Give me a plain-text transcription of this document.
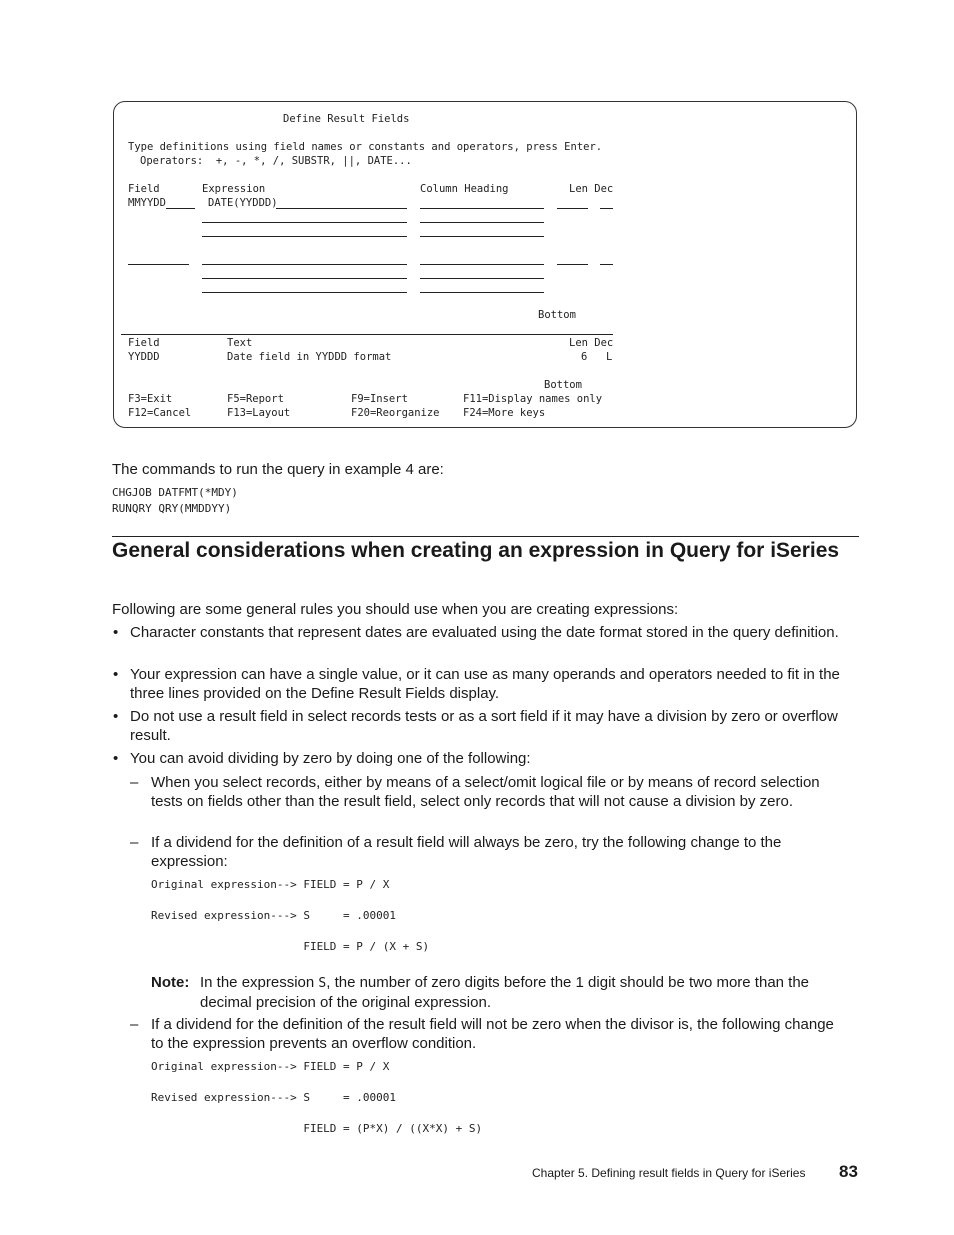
Define Result Fields
Type definitions using field names or constants and operators, press Enter.
Operators:  +, -, *, /, SUBSTR, ||, DATE...
Field	Expression	Column Heading	Len Dec
MMYYDD	DATE(YYDDD)
Bottom
Field	Text	Len Dec
YYDDD	Date field in YYDDD format	6 L
Bottom
F3=Exit	F5=Report	F9=Insert	F11=Display names only
F12=Cancel	F13=Layout	F20=Reorganize F24=More keys
The commands to run the query in example 4 are:
CHGJOB DATFMT(*MDY)
RUNQRY QRY(MMDDYY)
General considerations when creating an expression in Query for iSeries
Following are some general rules you should use when you are creating expressions:
• Character constants that represent dates are evaluated using the date format stored in the query definition.
• Your expression can have a single value, or it can use as many operands and operators needed to fit in the three lines provided on the Define Result Fields display.
• Do not use a result field in select records tests or as a sort field if it may have a division by zero or overflow result.
• You can avoid dividing by zero by doing one of the following:
– When you select records, either by means of a select/omit logical file or by means of record selection tests on fields other than the result field, select only records that will not cause a division by zero.
– If a dividend for the definition of a result field will always be zero, try the following change to the expression:
Original expression--> FIELD = P / X
Revised expression---> S     = .00001
FIELD = P / (X + S)
Note: In the expression S, the number of zero digits before the 1 digit should be two more than the decimal precision of the original expression.
– If a dividend for the definition of the result field will not be zero when the divisor is, the following change to the expression prevents an overflow condition.
Original expression--> FIELD = P / X
Revised expression---> S     = .00001
FIELD = (P*X) / ((X*X) + S)
Chapter 5. Defining result fields in Query for iSeries 83
